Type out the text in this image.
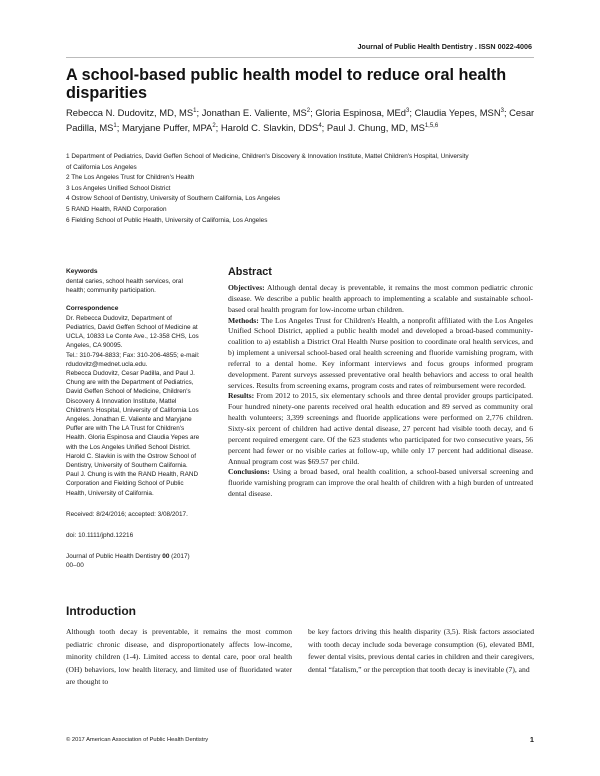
Journal of Public Health Dentistry . ISSN 0022-4006
A school-based public health model to reduce oral health disparities
Rebecca N. Dudovitz, MD, $MS^1$; Jonathan E. Valiente, $MS^2$; Gloria Espinosa, MEd$^3$; Claudia Yepes, MSN$^3$; Cesar Padilla, $MS^1$; Maryjane Puffer, MPA$^2$; Harold C. Slavkin, DDS$^4$; Paul J. Chung, MD, MS$^{1,5,6}$
1 Department of Pediatrics, David Geffen School of Medicine, Children's Discovery & Innovation Institute, Mattel Children's Hospital, University
of California Los Angeles
2 The Los Angeles Trust for Children's Health
3 Los Angeles Unified School District
4 Ostrow School of Dentistry, University of Southern California, Los Angeles
5 RAND Health, RAND Corporation
6 Fielding School of Public Health, University of California, Los Angeles
Keywords

dental caries, school health services, oral health; community participation.

Correspondence

Dr. Rebecca Dudovitz, Department of Pediatrics, David Geffen School of Medicine at UCLA, 10833 Le Conte Ave., 12-358 CHS, Los Angeles, CA 90095.

Tel.: 310-794-8833; Fax: 310-206-4855; e-mail: rdudovitz@mednet.ucla.edu.

Rebecca Dudovitz, Cesar Padilla, and Paul J. Chung are with the Department of Pediatrics, David Geffen School of Medicine, Children's Discovery & Innovation Institute, Mattel Children's Hospital, University of California Los Angeles. Jonathan E. Valiente and Maryjane Puffer are with The LA Trust for Children's Health. Gloria Espinosa and Claudia Yepes are with the Los Angeles Unified School District. Harold C. Slavkin is with the Ostrow School of Dentistry, University of Southern California. Paul J. Chung is with the RAND Health, RAND Corporation and Fielding School of Public Health, University of California.

Received: 8/24/2016; accepted: 3/08/2017.

doi: 10.1111/jphd.12216

Journal of Public Health Dentistry 00 (2017) 00–00

Abstract

Objectives: Although dental decay is preventable, it remains the most common pediatric chronic disease. We describe a public health approach to implementing a scalable and sustainable school-based oral health program for low-income urban children.

Methods: The Los Angeles Trust for Children's Health, a nonprofit affiliated with the Los Angeles Unified School District, applied a public health model and developed a broad-based community-coalition to a) establish a District Oral Health Nurse position to coordinate oral health services, and b) implement a universal school-based oral health screening and fluoride varnishing program, with referral to a dental home. Key informant interviews and focus groups informed program development. Parent surveys assessed preventative oral health behaviors and access to oral health services. Results from screening exams, program costs and rates of reimbursement were recorded.

Results: From 2012 to 2015, six elementary schools and three dental provider groups participated. Four hundred ninety-one parents received oral health education and 89 served as community oral health volunteers; 3,399 screenings and fluoride applications were performed on 2,776 children. Sixty-six percent of children had active dental disease, 27 percent had visible tooth decay, and 6 percent required emergent care. Of the 623 students who participated for two consecutive years, 56 percent had fewer or no visible caries at follow-up, while only 17 percent had additional disease. Annual program cost was $69.57 per child.

Conclusions: Using a broad based, oral health coalition, a school-based universal screening and fluoride varnishing program can improve the oral health of children with a high burden of untreated dental disease.

Introduction

Although tooth decay is preventable, it remains the most common pediatric chronic disease, and disproportionately affects low-income, minority children (1-4). Limited access to dental care, poor oral health (OH) behaviors, low health literacy, and limited use of fluoridated water are thought to

be key factors driving this health disparity (3,5). Risk factors associated with tooth decay include soda beverage consumption (6), elevated BMI, fewer dental visits, previous dental caries in children and their caregivers, dental “fatalism,” or the perception that tooth decay is inevitable (7), and

© 2017 American Association of Public Health Dentistry	1
